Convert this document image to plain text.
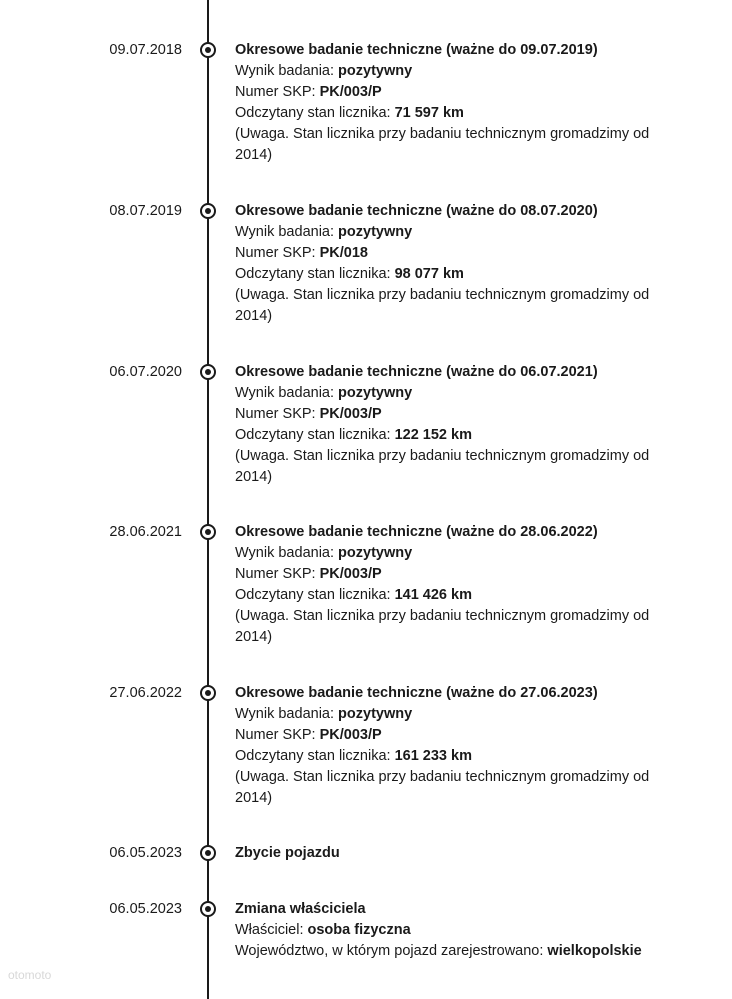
09.07.2018	Okresowe badanie techniczne (ważne do 09.07.2019)
Wynik badania: pozytywny
Numer SKP: PK/003/P
Odczytany stan licznika: 71 597 km
(Uwaga. Stan licznika przy badaniu technicznym gromadzimy od 2014)
08.07.2019	Okresowe badanie techniczne (ważne do 08.07.2020)
Wynik badania: pozytywny
Numer SKP: PK/018
Odczytany stan licznika: 98 077 km
(Uwaga. Stan licznika przy badaniu technicznym gromadzimy od 2014)
06.07.2020	Okresowe badanie techniczne (ważne do 06.07.2021)
Wynik badania: pozytywny
Numer SKP: PK/003/P
Odczytany stan licznika: 122 152 km
(Uwaga. Stan licznika przy badaniu technicznym gromadzimy od 2014)
28.06.2021	Okresowe badanie techniczne (ważne do 28.06.2022)
Wynik badania: pozytywny
Numer SKP: PK/003/P
Odczytany stan licznika: 141 426 km
(Uwaga. Stan licznika przy badaniu technicznym gromadzimy od 2014)
27.06.2022	Okresowe badanie techniczne (ważne do 27.06.2023)
Wynik badania: pozytywny
Numer SKP: PK/003/P
Odczytany stan licznika: 161 233 km
(Uwaga. Stan licznika przy badaniu technicznym gromadzimy od 2014)
06.05.2023	Zbycie pojazdu
06.05.2023	Zmiana właściciela
Właściciel: osoba fizyczna
Województwo, w którym pojazd zarejestrowano: wielkopolskie
otomoto
